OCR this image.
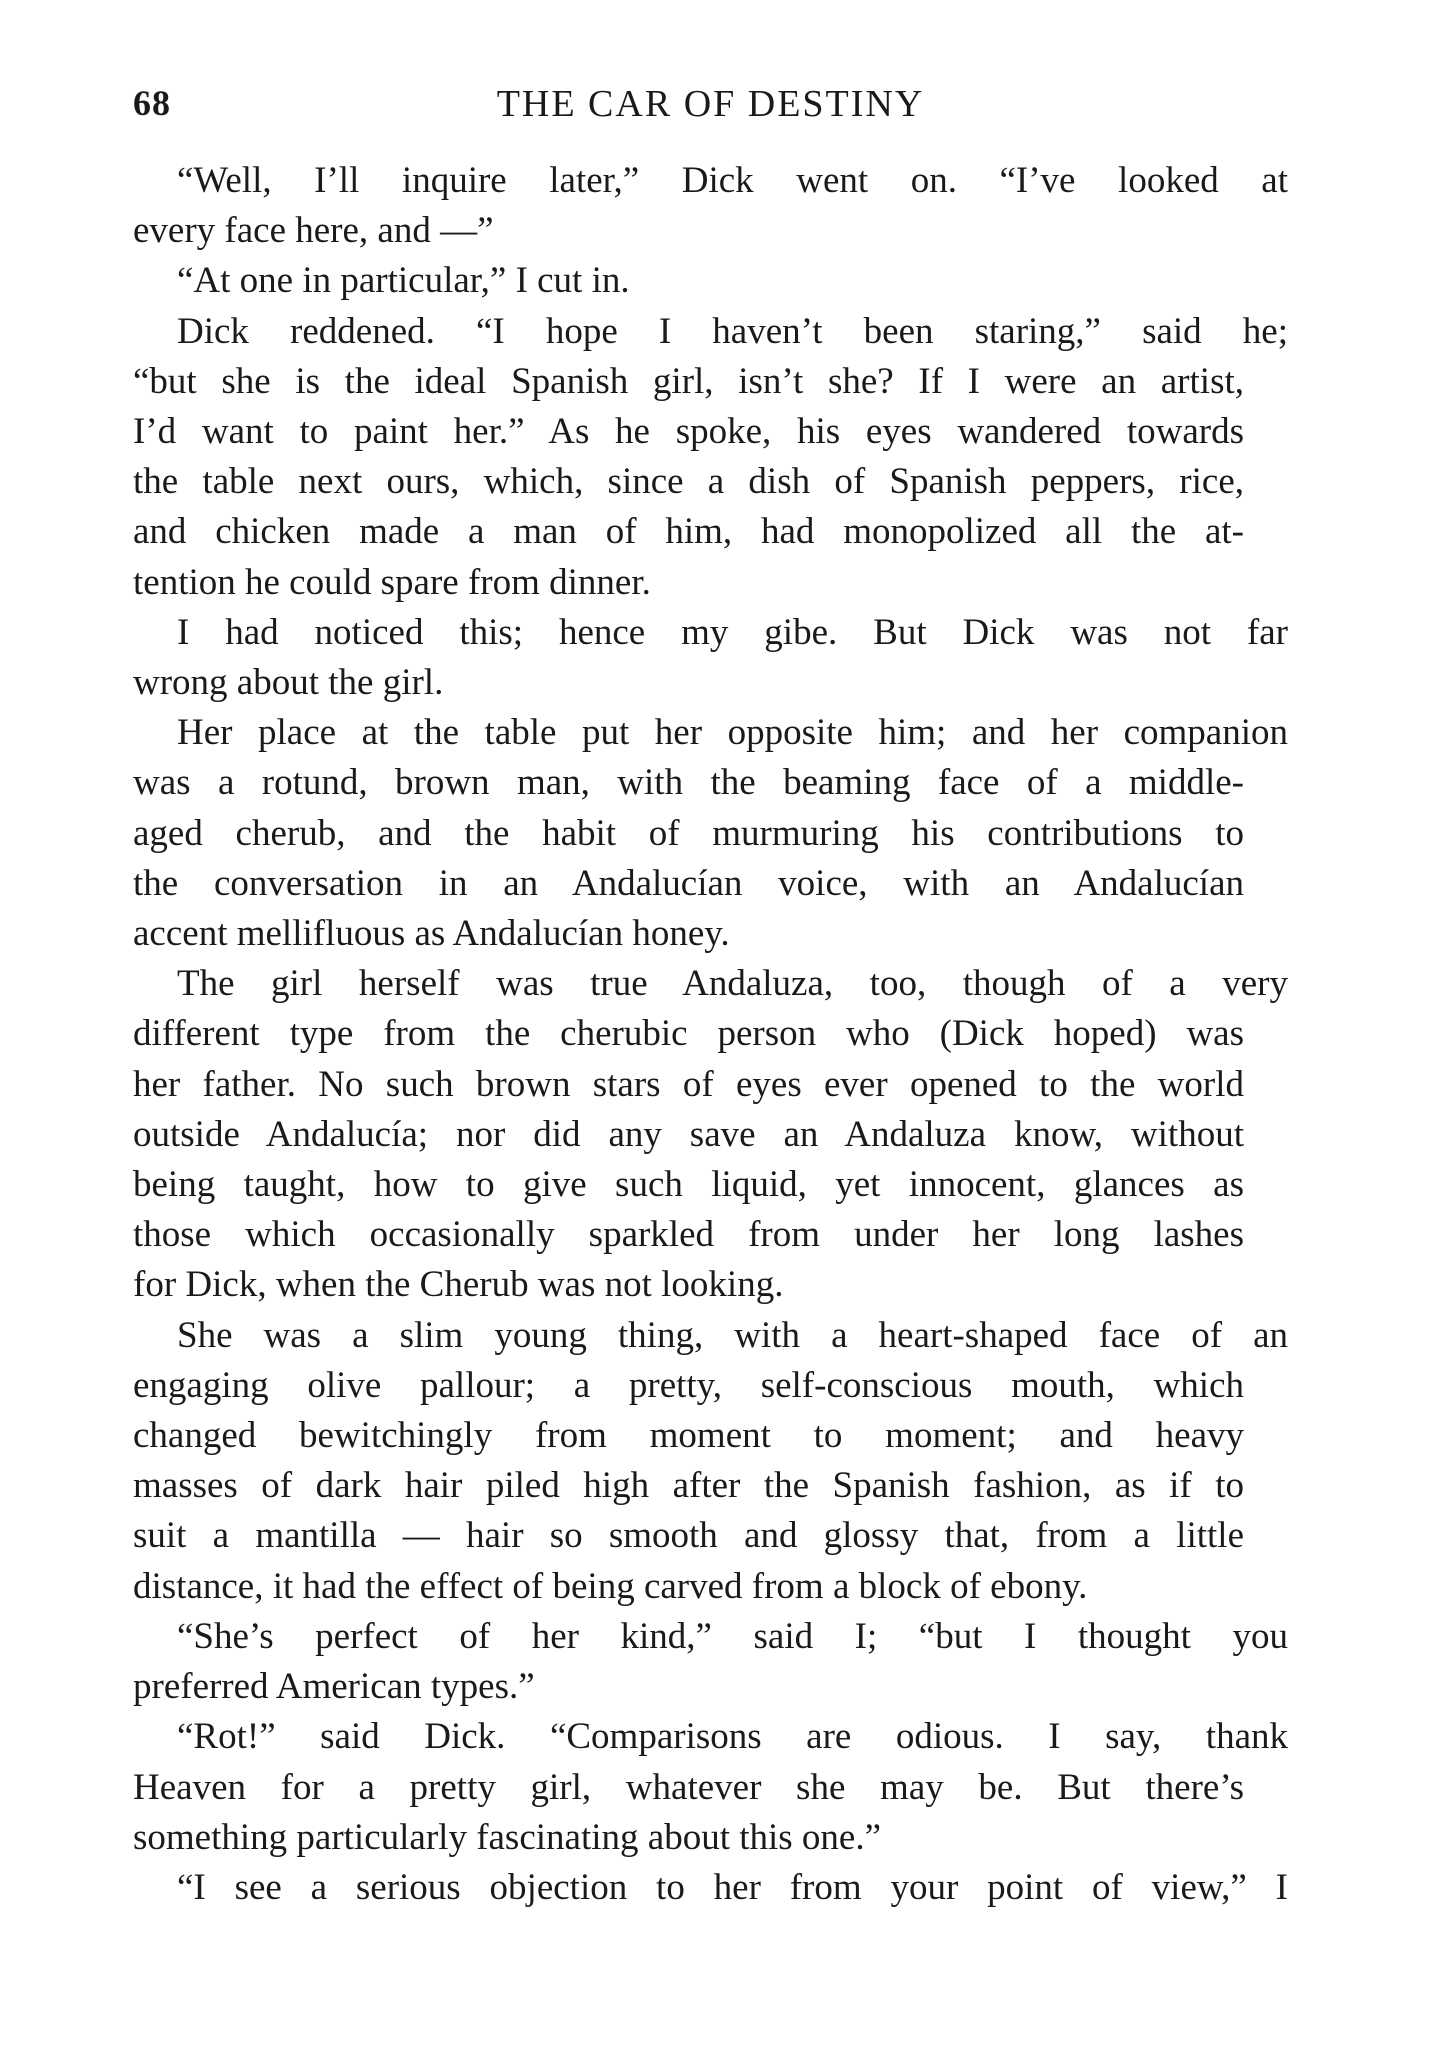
68	THE CAR OF DESTINY

“Well, I’ll inquire later,” Dick went on. “I’ve looked at
every face here, and —”

“At one in particular,” I cut in.

Dick reddened. “I hope I haven’t been staring,” said he;
“but she is the ideal Spanish girl, isn’t she? If I were an artist,
I’d want to paint her.” As he spoke, his eyes wandered towards
the table next ours, which, since a dish of Spanish peppers, rice,
and chicken made a man of him, had monopolized all the at-
tention he could spare from dinner.

I had noticed this; hence my gibe. But Dick was not far
wrong about the girl.

Her place at the table put her opposite him; and her companion
was a rotund, brown man, with the beaming face of a middle-
aged cherub, and the habit of murmuring his contributions to
the conversation in an Andalucían voice, with an Andalucían
accent mellifluous as Andalucían honey.

The girl herself was true Andaluza, too, though of a very
different type from the cherubic person who (Dick hoped) was
her father. No such brown stars of eyes ever opened to the world
outside Andalucía; nor did any save an Andaluza know, without
being taught, how to give such liquid, yet innocent, glances as
those which occasionally sparkled from under her long lashes
for Dick, when the Cherub was not looking.

She was a slim young thing, with a heart-shaped face of an
engaging olive pallour; a pretty, self-conscious mouth, which
changed bewitchingly from moment to moment; and heavy
masses of dark hair piled high after the Spanish fashion, as if to
suit a mantilla — hair so smooth and glossy that, from a little
distance, it had the effect of being carved from a block of ebony.

“She’s perfect of her kind,” said I; “but I thought you
preferred American types.”

“Rot!” said Dick. “Comparisons are odious. I say, thank
Heaven for a pretty girl, whatever she may be. But there’s
something particularly fascinating about this one.”

“I see a serious objection to her from your point of view,” I
